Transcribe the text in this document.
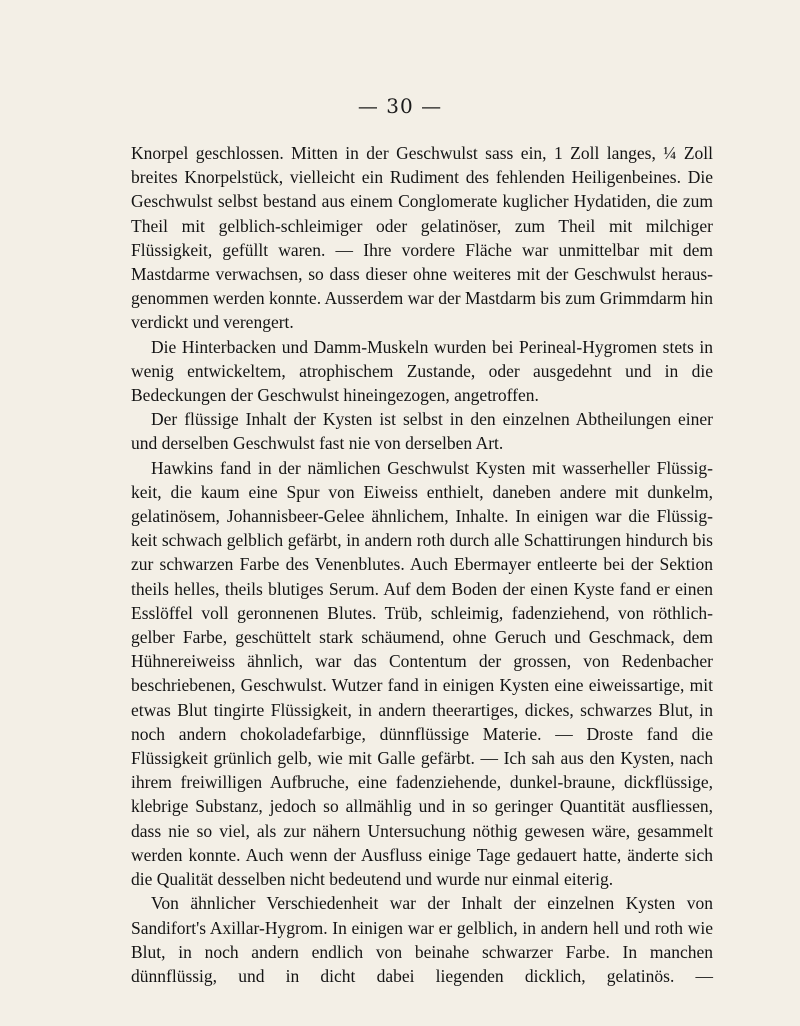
— 30 —

Knorpel geschlossen. Mitten in der Geschwulst sass ein, 1 Zoll langes, ¼ Zoll breites Knorpelstück, vielleicht ein Rudiment des fehlenden Heiligenbeines. Die Geschwulst selbst bestand aus einem Conglomerate kuglicher Hydatiden, die zum Theil mit gelblich-schleimiger oder gelatinöser, zum Theil mit milchiger Flüssigkeit, gefüllt waren. — Ihre vordere Fläche war unmittelbar mit dem Mastdarme verwachsen, so dass dieser ohne weiteres mit der Geschwulst heraus-genommen werden konnte. Ausserdem war der Mastdarm bis zum Grimmdarm hin verdickt und verengert.

Die Hinterbacken und Damm-Muskeln wurden bei Perineal-Hygromen stets in wenig entwickeltem, atrophischem Zustande, oder ausgedehnt und in die Bedeckungen der Geschwulst hineingezogen, angetroffen.

Der flüssige Inhalt der Kysten ist selbst in den einzelnen Abtheilungen einer und derselben Geschwulst fast nie von derselben Art.

Hawkins fand in der nämlichen Geschwulst Kysten mit wasserheller Flüssig-keit, die kaum eine Spur von Eiweiss enthielt, daneben andere mit dunkelm, gelatinösem, Johannisbeer-Gelee ähnlichem, Inhalte. In einigen war die Flüssig-keit schwach gelblich gefärbt, in andern roth durch alle Schattirungen hindurch bis zur schwarzen Farbe des Venenblutes. Auch Ebermayer entleerte bei der Sektion theils helles, theils blutiges Serum. Auf dem Boden der einen Kyste fand er einen Esslöffel voll geronnenen Blutes. Trüb, schleimig, fadenziehend, von röthlich-gelber Farbe, geschüttelt stark schäumend, ohne Geruch und Geschmack, dem Hühnereiweiss ähnlich, war das Contentum der grossen, von Redenbacher beschriebenen, Geschwulst. Wutzer fand in einigen Kysten eine eiweissartige, mit etwas Blut tingirte Flüssigkeit, in andern theerartiges, dickes, schwarzes Blut, in noch andern chokoladefarbige, dünnflüssige Materie. — Droste fand die Flüssigkeit grünlich gelb, wie mit Galle gefärbt. — Ich sah aus den Kysten, nach ihrem freiwilligen Aufbruche, eine fadenziehende, dunkel-braune, dickflüssige, klebrige Substanz, jedoch so allmählig und in so geringer Quantität ausfliessen, dass nie so viel, als zur nähern Untersuchung nöthig gewesen wäre, gesammelt werden konnte. Auch wenn der Ausfluss einige Tage gedauert hatte, änderte sich die Qualität desselben nicht bedeutend und wurde nur einmal eiterig.

Von ähnlicher Verschiedenheit war der Inhalt der einzelnen Kysten von Sandifort's Axillar-Hygrom. In einigen war er gelblich, in andern hell und roth wie Blut, in noch andern endlich von beinahe schwarzer Farbe. In manchen dünnflüssig, und in dicht dabei liegenden dicklich, gelatinös. —
